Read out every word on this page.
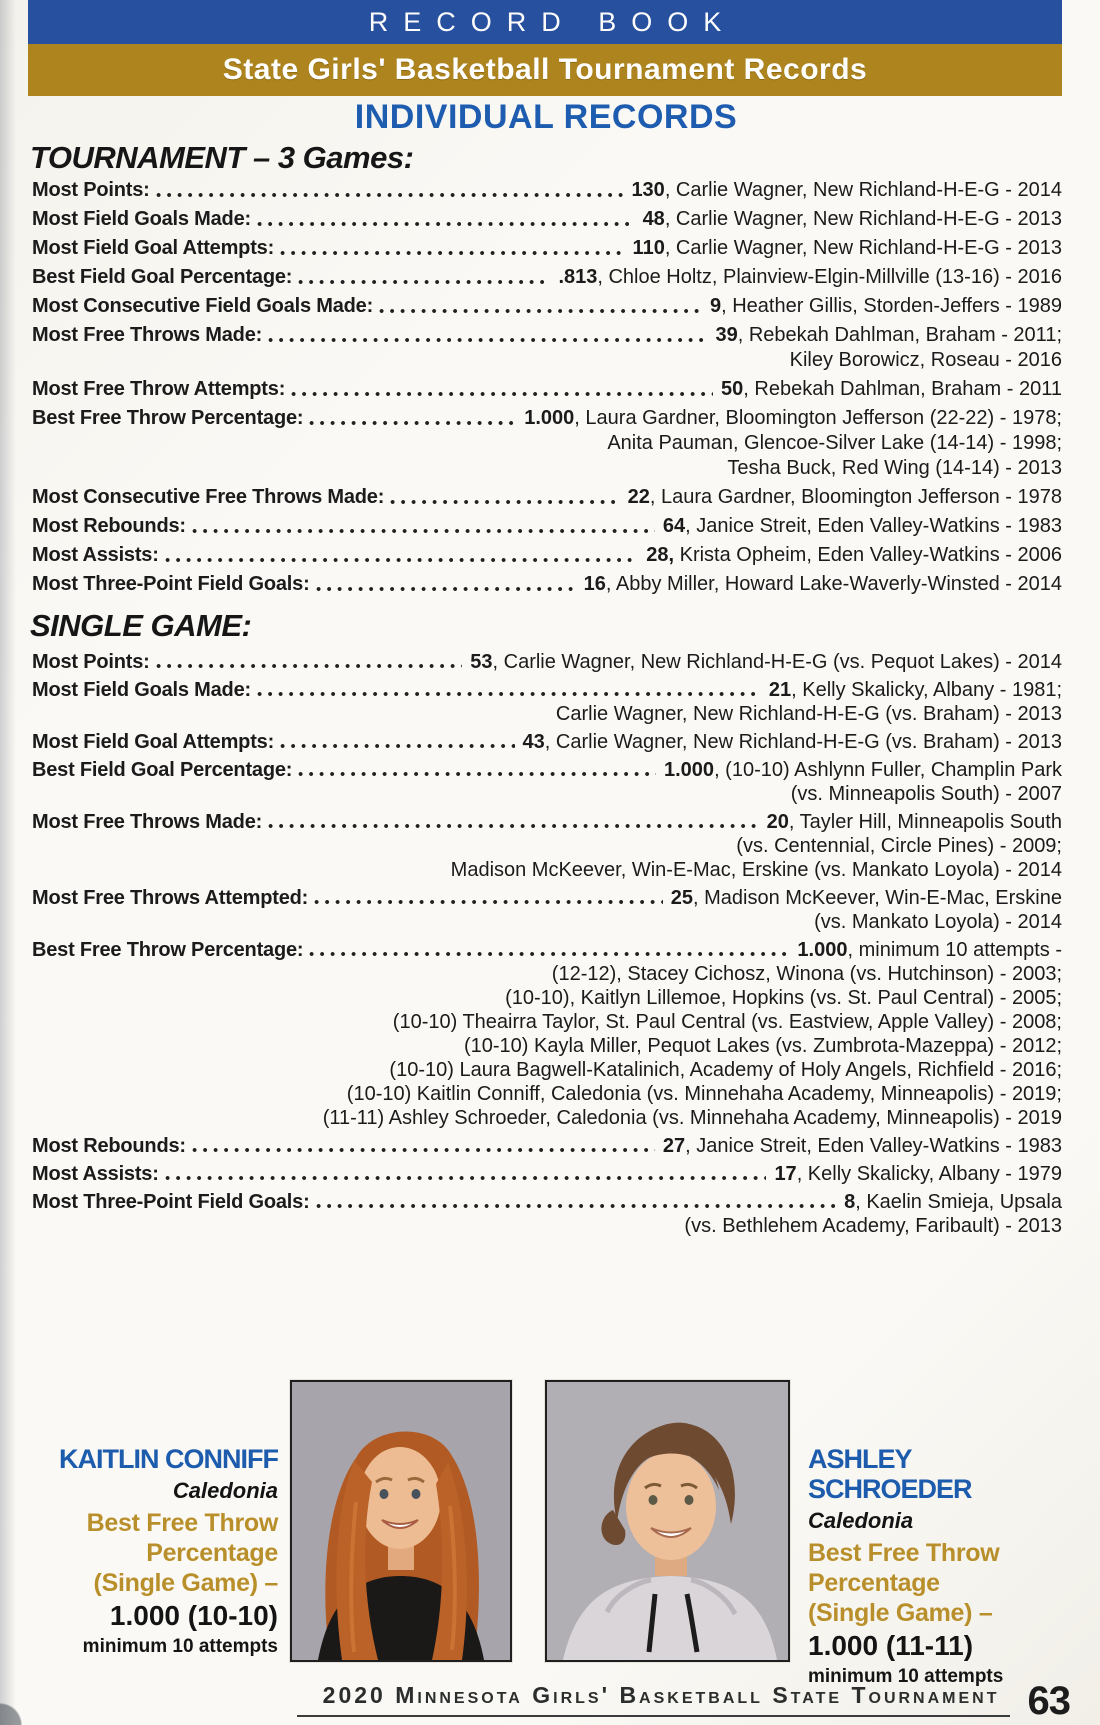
RECORD BOOK
State Girls' Basketball Tournament Records
INDIVIDUAL RECORDS
TOURNAMENT – 3 Games:
Most Points:	130 , Carlie Wagner, New Richland-H-E-G - 2014
Most Field Goals Made:	48 , Carlie Wagner, New Richland-H-E-G - 2013
Most Field Goal Attempts:	110 , Carlie Wagner, New Richland-H-E-G - 2013
Best Field Goal Percentage:	.813 , Chloe Holtz, Plainview-Elgin-Millville (13-16) - 2016
Most Consecutive Field Goals Made:	9 , Heather Gillis, Storden-Jeffers - 1989
Most Free Throws Made:	39 , Rebekah Dahlman, Braham - 2011;
Kiley Borowicz, Roseau - 2016
Most Free Throw Attempts:	50 , Rebekah Dahlman, Braham - 2011
Best Free Throw Percentage:	1.000 , Laura Gardner, Bloomington Jefferson (22-22) - 1978;
Anita Pauman, Glencoe-Silver Lake (14-14) - 1998;
Tesha Buck, Red Wing (14-14) - 2013
Most Consecutive Free Throws Made:	22 , Laura Gardner, Bloomington Jefferson - 1978
Most Rebounds:	64 , Janice Streit, Eden Valley-Watkins - 1983
Most Assists:	28, Krista Opheim, Eden Valley-Watkins - 2006
Most Three-Point Field Goals:	16 , Abby Miller, Howard Lake-Waverly-Winsted - 2014
SINGLE GAME:
Most Points:	53 , Carlie Wagner, New Richland-H-E-G (vs. Pequot Lakes) - 2014
Most Field Goals Made:	21 , Kelly Skalicky, Albany - 1981;
Carlie Wagner, New Richland-H-E-G (vs. Braham) - 2013
Most Field Goal Attempts:	43 , Carlie Wagner, New Richland-H-E-G (vs. Braham) - 2013
Best Field Goal Percentage:	1.000 , (10-10) Ashlynn Fuller, Champlin Park
(vs. Minneapolis South) - 2007
Most Free Throws Made:	20 , Tayler Hill, Minneapolis South
(vs. Centennial, Circle Pines) - 2009;
Madison McKeever, Win-E-Mac, Erskine (vs. Mankato Loyola) - 2014
Most Free Throws Attempted:	25 , Madison McKeever, Win-E-Mac, Erskine
(vs. Mankato Loyola) - 2014
Best Free Throw Percentage:	1.000 , minimum 10 attempts -
(12-12), Stacey Cichosz, Winona (vs. Hutchinson) - 2003;
(10-10), Kaitlyn Lillemoe, Hopkins (vs. St. Paul Central) - 2005;
(10-10) Theairra Taylor, St. Paul Central (vs. Eastview, Apple Valley) - 2008;
(10-10) Kayla Miller, Pequot Lakes (vs. Zumbrota-Mazeppa) - 2012;
(10-10) Laura Bagwell-Katalinich, Academy of Holy Angels, Richfield - 2016;
(10-10) Kaitlin Conniff, Caledonia (vs. Minnehaha Academy, Minneapolis) - 2019;
(11-11) Ashley Schroeder, Caledonia (vs. Minnehaha Academy, Minneapolis) - 2019
Most Rebounds:	27 , Janice Streit, Eden Valley-Watkins - 1983
Most Assists:	17 , Kelly Skalicky, Albany - 1979
Most Three-Point Field Goals:	8 , Kaelin Smieja, Upsala
(vs. Bethlehem Academy, Faribault) - 2013
KAITLIN CONNIFF
Caledonia
Best Free Throw
Percentage
(Single Game) –
1.000 (10-10)
minimum 10 attempts
ASHLEY SCHROEDER
Caledonia
Best Free Throw
Percentage
(Single Game) –
1.000 (11-11)
minimum 10 attempts
2020 Minnesota Girls' Basketball State Tournament 63
